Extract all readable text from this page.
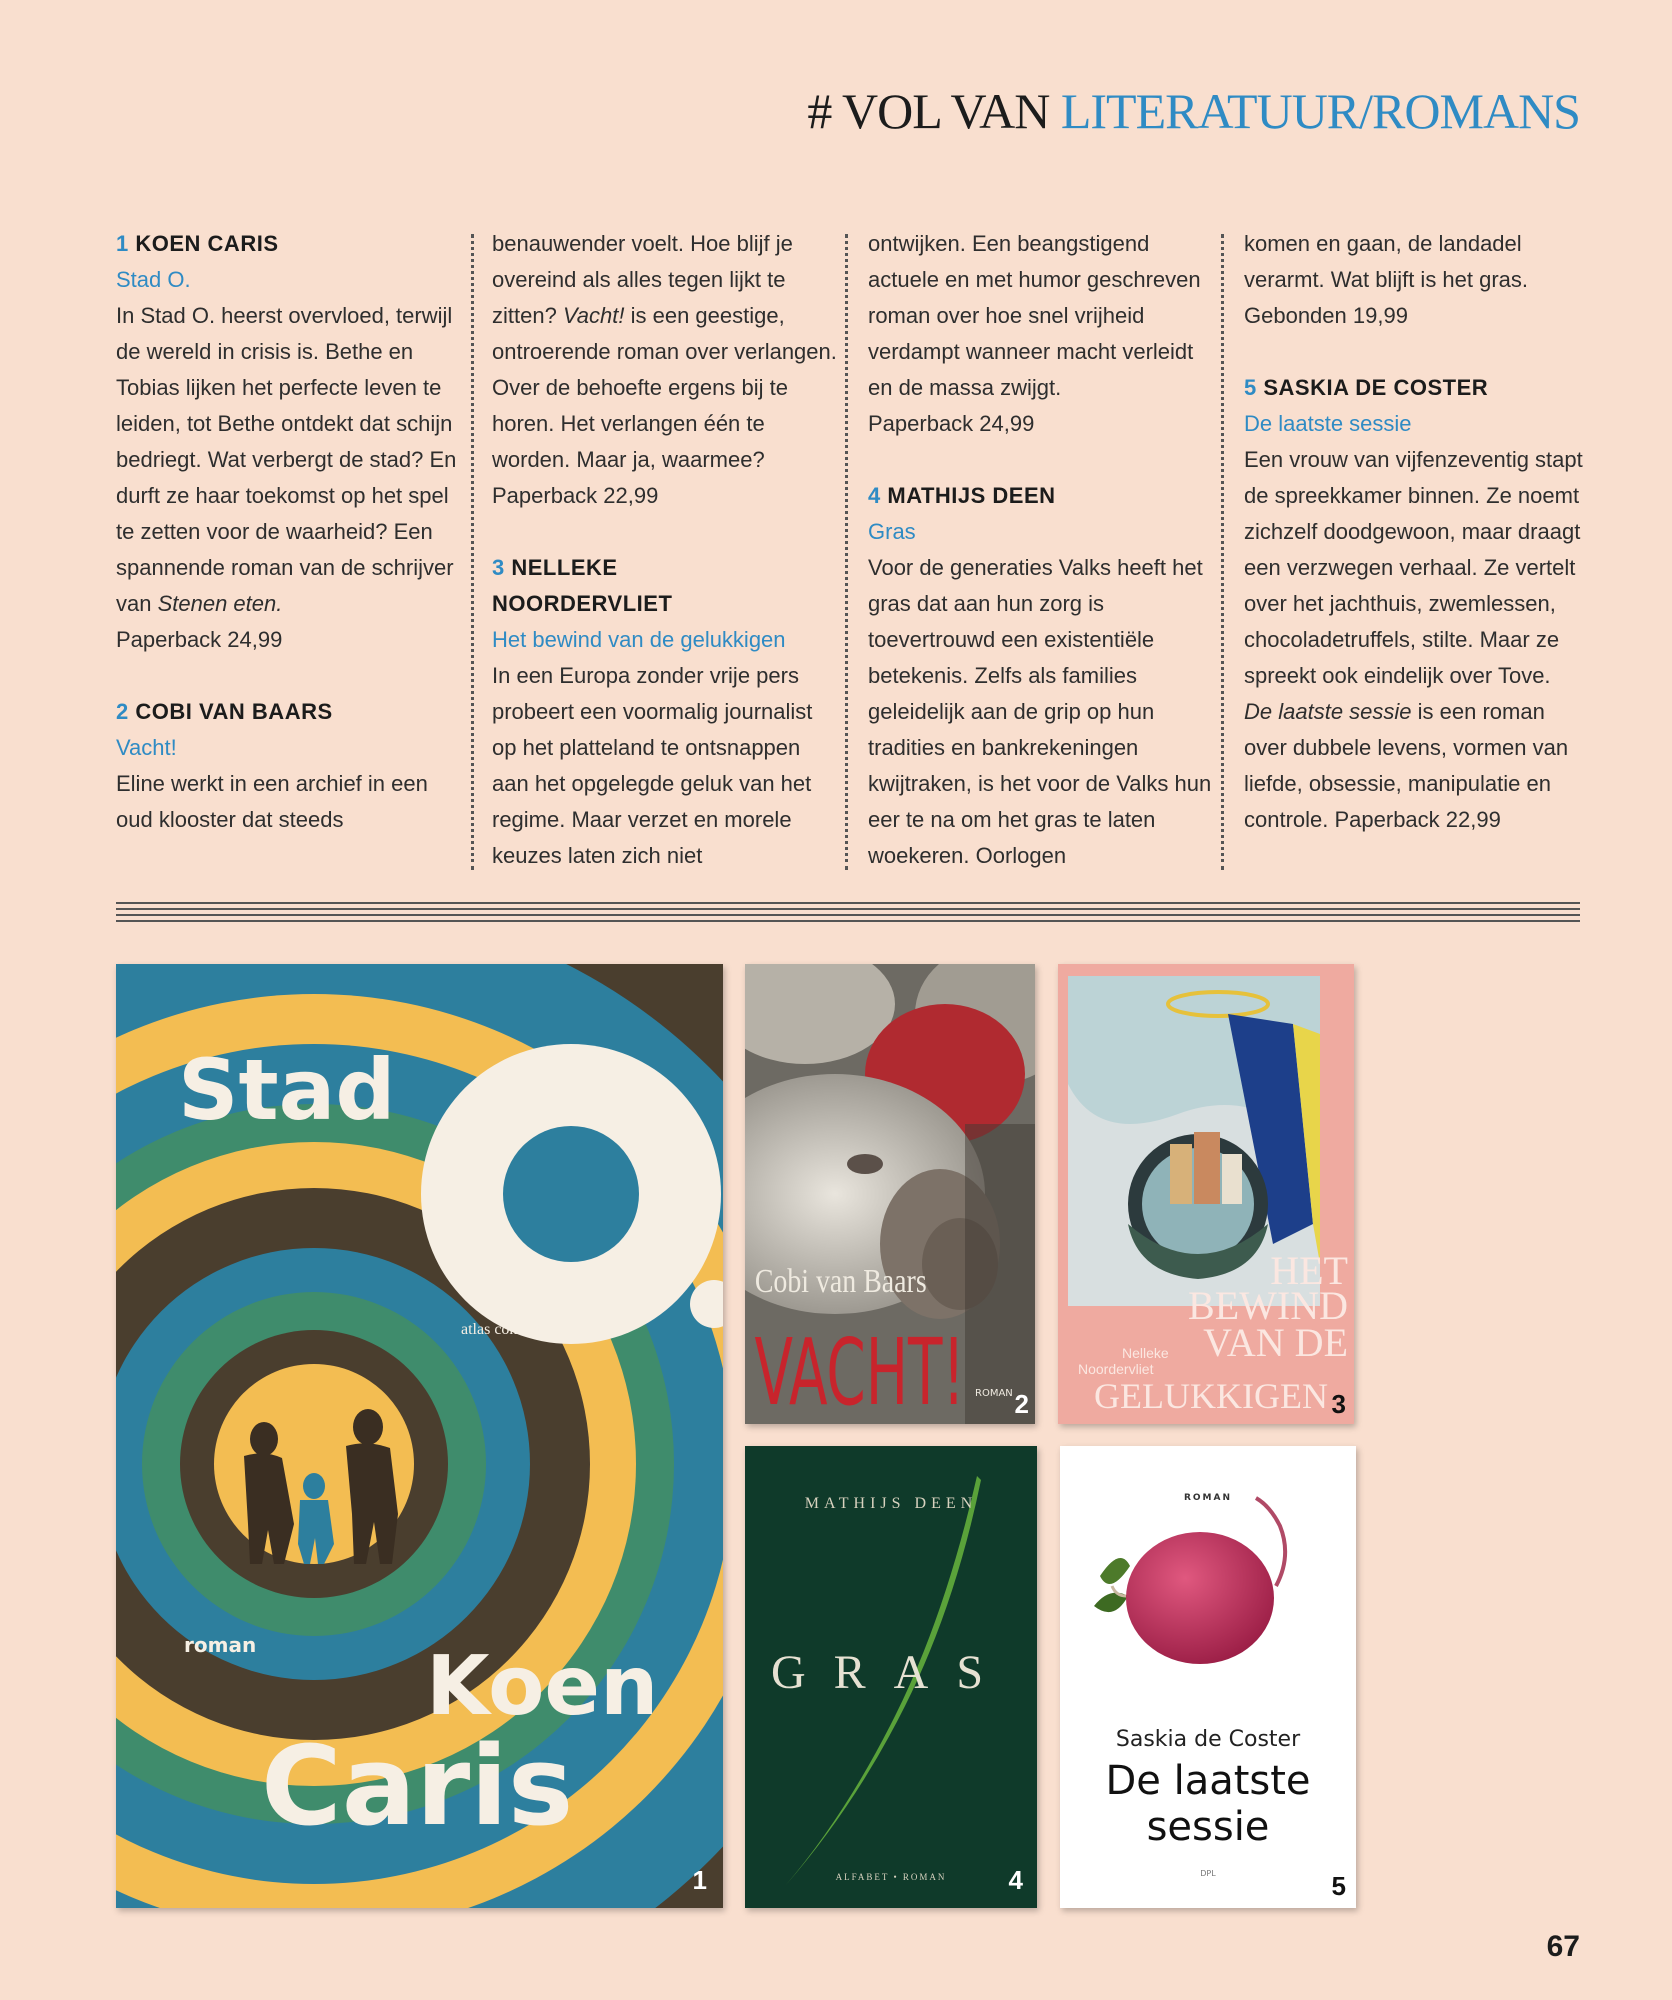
# VOL VAN LITERATUUR/ROMANS

1 KOEN CARIS

Stad O.

In Stad O. heerst overvloed, terwijl de wereld in crisis is. Bethe en Tobias lijken het perfecte leven te leiden, tot Bethe ontdekt dat schijn bedriegt. Wat verbergt de stad? En durft ze haar toekomst op het spel te zetten voor de waarheid? Een spannende roman van de schrijver van Stenen eten.

Paperback 24,99

2 COBI VAN BAARS

Vacht!

Eline werkt in een archief in een oud klooster dat steeds

benauwender voelt. Hoe blijf je overeind als alles tegen lijkt te zitten? Vacht! is een geestige, ontroerende roman over verlangen. Over de behoefte ergens bij te horen. Het verlangen één te worden. Maar ja, waarmee? Paperback 22,99

3 NELLEKE
NOORDERVLIET

Het bewind van de gelukkigen

In een Europa zonder vrije pers probeert een voormalig journalist op het platteland te ontsnappen aan het opgelegde geluk van het regime. Maar verzet en morele keuzes laten zich niet

ontwijken. Een beangstigend actuele en met humor geschreven roman over hoe snel vrijheid verdampt wanneer macht verleidt en de massa zwijgt.

Paperback 24,99

4 MATHIJS DEEN

Gras

Voor de generaties Valks heeft het gras dat aan hun zorg is toevertrouwd een existentiële betekenis. Zelfs als families geleidelijk aan de grip op hun tradities en bankrekeningen kwijtraken, is het voor de Valks hun eer te na om het gras te laten woekeren. Oorlogen

komen en gaan, de landadel verarmt. Wat blijft is het gras.

Gebonden 19,99

5 SASKIA DE COSTER

De laatste sessie

Een vrouw van vijfenzeventig stapt de spreekkamer binnen. Ze noemt zichzelf doodgewoon, maar draagt een verzwegen verhaal. Ze vertelt over het jachthuis, zwemlessen, chocoladetruffels, stilte. Maar ze spreekt ook eindelijk over Tove. De laatste sessie is een roman over dubbele levens, vormen van liefde, obsessie, manipulatie en controle. Paperback 22,99

Stad
atlas contact
roman Koen
Caris
1
Cobi van Baars
VACHT! ROMAN 2
HET
BEWIND
VAN DE
GELUKKIGEN
Nelleke
Noordervliet
3
MATHIJS DEEN
GRAS
ALFABET • ROMAN 4
ROMAN
Saskia de Coster
De laatste
sessie
DPL	5
67
